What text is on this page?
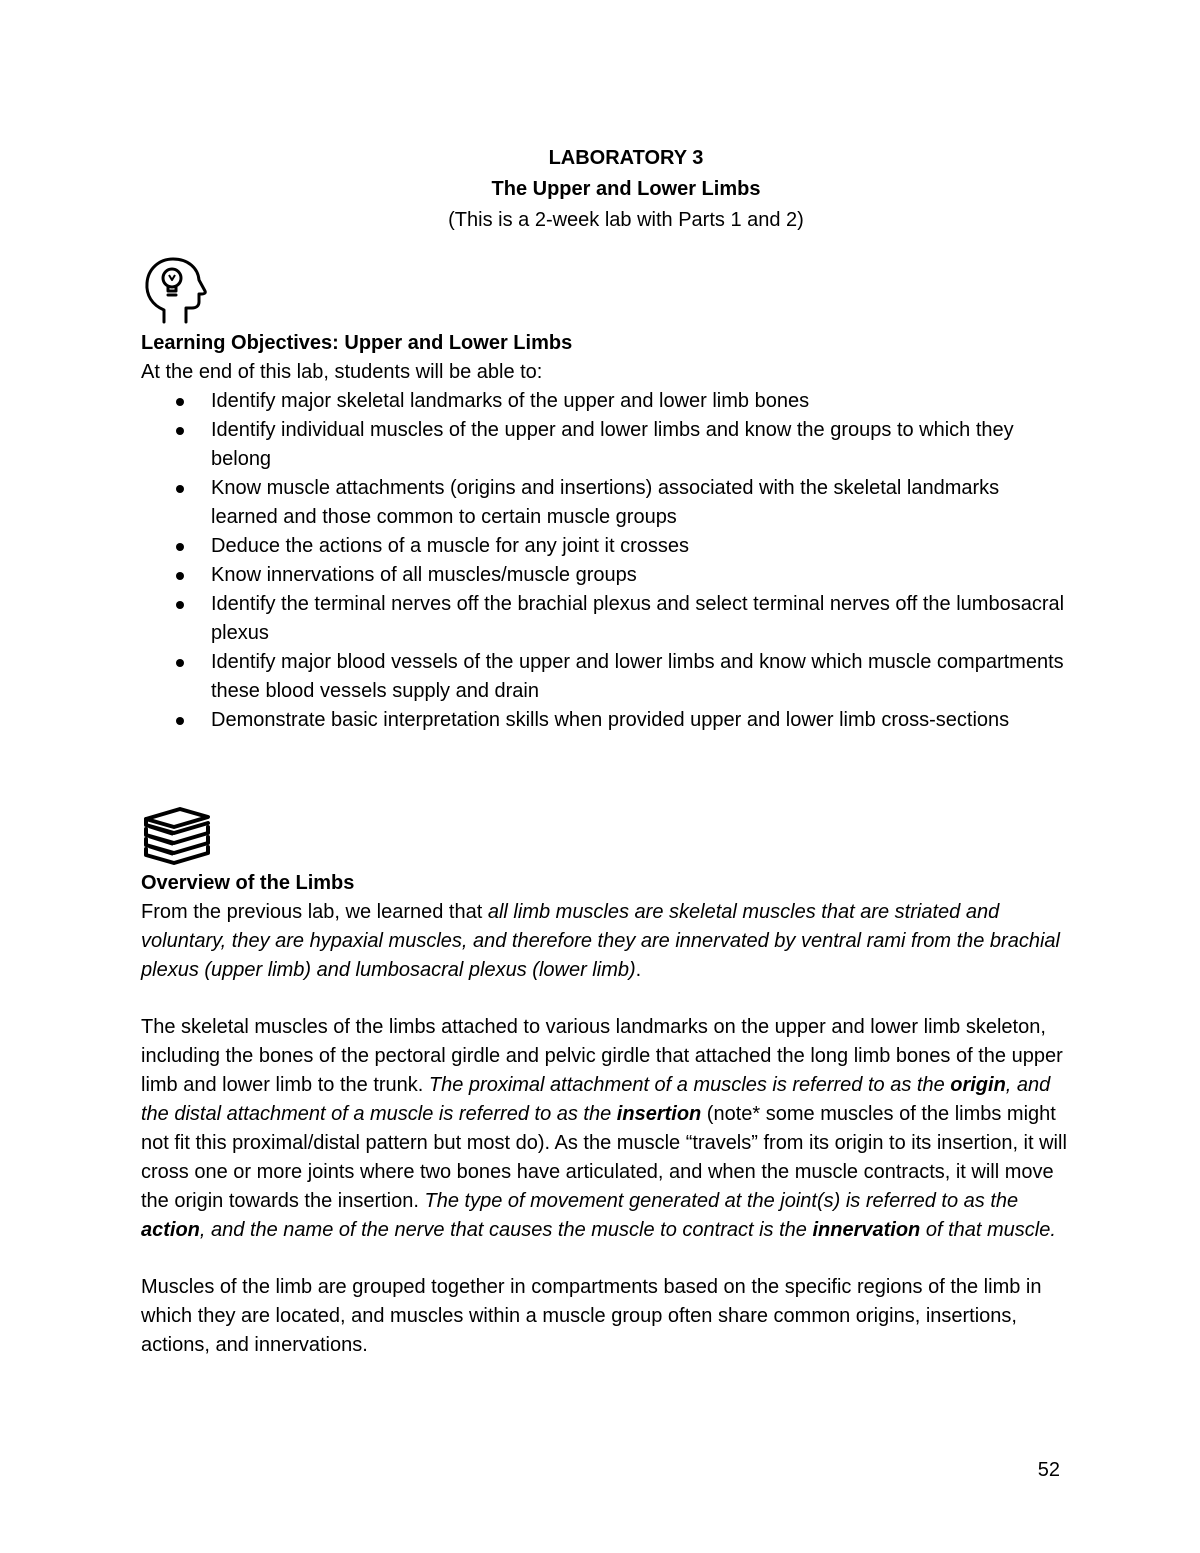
LABORATORY 3
The Upper and Lower Limbs
(This is a 2-week lab with Parts 1 and 2)

Learning Objectives: Upper and Lower Limbs

At the end of this lab, students will be able to:

Identify major skeletal landmarks of the upper and lower limb bones
Identify individual muscles of the upper and lower limbs and know the groups to which they belong
Know muscle attachments (origins and insertions) associated with the skeletal landmarks learned and those common to certain muscle groups
Deduce the actions of a muscle for any joint it crosses
Know innervations of all muscles/muscle groups
Identify the terminal nerves off the brachial plexus and select terminal nerves off the lumbosacral plexus
Identify major blood vessels of the upper and lower limbs and know which muscle compartments these blood vessels supply and drain
Demonstrate basic interpretation skills when provided upper and lower limb cross-sections

Overview of the Limbs

From the previous lab, we learned that all limb muscles are skeletal muscles that are striated and voluntary, they are hypaxial muscles, and therefore they are innervated by ventral rami from the brachial plexus (upper limb) and lumbosacral plexus (lower limb).

The skeletal muscles of the limbs attached to various landmarks on the upper and lower limb skeleton, including the bones of the pectoral girdle and pelvic girdle that attached the long limb bones of the upper limb and lower limb to the trunk. The proximal attachment of a muscles is referred to as the origin, and the distal attachment of a muscle is referred to as the insertion (note* some muscles of the limbs might not fit this proximal/distal pattern but most do). As the muscle “travels” from its origin to its insertion, it will cross one or more joints where two bones have articulated, and when the muscle contracts, it will move the origin towards the insertion. The type of movement generated at the joint(s) is referred to as the action, and the name of the nerve that causes the muscle to contract is the innervation of that muscle.

Muscles of the limb are grouped together in compartments based on the specific regions of the limb in which they are located, and muscles within a muscle group often share common origins, insertions, actions, and innervations.

52
